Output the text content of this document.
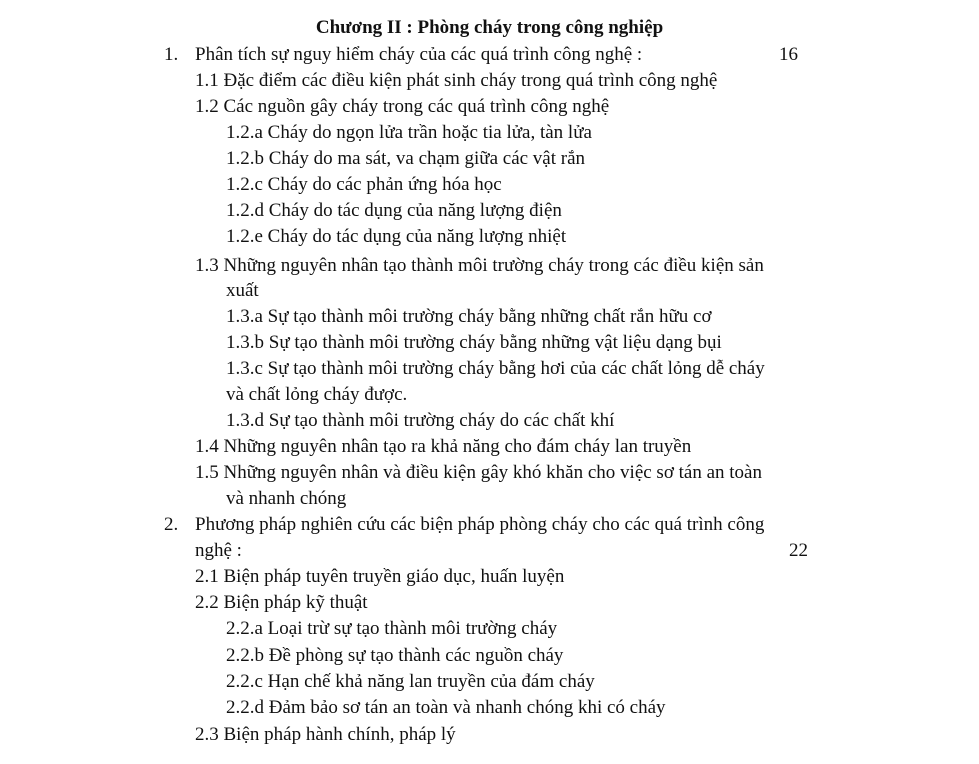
Chương II : Phòng cháy trong công nghiệp
1. Phân tích sự nguy hiểm cháy của các quá trình công nghệ :	16
1.1 Đặc điểm các điều kiện phát sinh cháy trong quá trình công nghệ
1.2 Các nguồn gây cháy trong các quá trình công nghệ
1.2.a Cháy do ngọn lửa trần hoặc tia lửa, tàn lửa
1.2.b Cháy do ma sát, va chạm giữa các vật rắn
1.2.c Cháy do các phản ứng hóa học
1.2.d Cháy do tác dụng của năng lượng điện
1.2.e Cháy do tác dụng của năng lượng nhiệt
1.3 Những nguyên nhân tạo thành môi trường cháy trong các điều kiện sản
xuất
1.3.a Sự tạo thành môi trường cháy bằng những chất rắn hữu cơ
1.3.b Sự tạo thành môi trường cháy bằng những vật liệu dạng bụi
1.3.c Sự tạo thành môi trường cháy bằng hơi của các chất lỏng dễ cháy
và chất lỏng cháy được.
1.3.d Sự tạo thành môi trường cháy do các chất khí
1.4 Những nguyên nhân tạo ra khả năng cho đám cháy lan truyền
1.5 Những nguyên nhân và điều kiện gây khó khăn cho việc sơ tán an toàn
và nhanh chóng
2. Phương pháp nghiên cứu các biện pháp phòng cháy cho các quá trình công
nghệ :	22
2.1 Biện pháp tuyên truyền giáo dục, huấn luyện
2.2 Biện pháp kỹ thuật
2.2.a Loại trừ sự tạo thành môi trường cháy
2.2.b Đề phòng sự tạo thành các nguồn cháy
2.2.c Hạn chế khả năng lan truyền của đám cháy
2.2.d Đảm bảo sơ tán an toàn và nhanh chóng khi có cháy
2.3 Biện pháp hành chính, pháp lý
